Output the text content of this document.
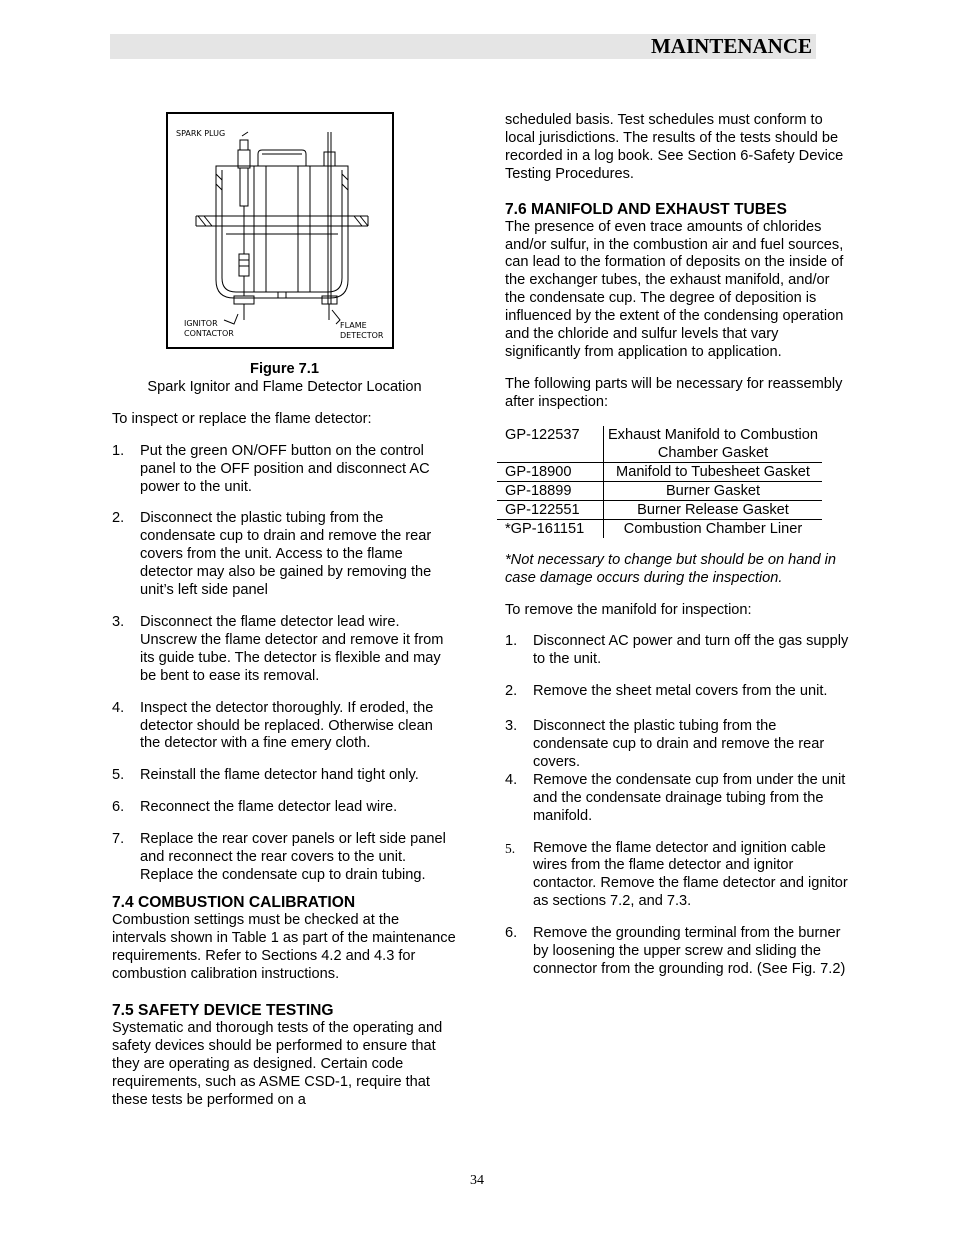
MAINTENANCE
SPARK PLUG
IGNITOR
CONTACTOR
FLAME
DETECTOR
Figure 7.1
Spark Ignitor and Flame Detector Location

To inspect or replace the flame detector:

1. Put the green ON/OFF button on the control panel to the OFF position and disconnect AC power to the unit.
2. Disconnect the plastic tubing from the condensate cup to drain and remove the rear covers from the unit. Access to the flame detector may also be gained by removing the unit’s left side panel
3. Disconnect the flame detector lead wire. Unscrew the flame detector and remove it from its guide tube. The detector is flexible and may be bent to ease its removal.
4. Inspect the detector thoroughly. If eroded, the detector should be replaced. Otherwise clean the detector with a fine emery cloth.
5. Reinstall the flame detector hand tight only.
6. Reconnect the flame detector lead wire.
7. Replace the rear cover panels or left side panel and reconnect the rear covers to the unit. Replace the condensate cup to drain tubing.
7.4 COMBUSTION CALIBRATION

Combustion settings must be checked at the intervals shown in Table 1 as part of the maintenance requirements. Refer to Sections 4.2 and 4.3 for combustion calibration instructions.

7.5 SAFETY DEVICE TESTING

Systematic and thorough tests of the operating and safety devices should be performed to ensure that they are operating as designed. Certain code requirements, such as ASME CSD-1, require that these tests be performed on a

scheduled basis. Test schedules must conform to local jurisdictions. The results of the tests should be recorded in a log book. See Section 6-Safety Device Testing Procedures.

7.6 MANIFOLD AND EXHAUST TUBES

The presence of even trace amounts of chlorides and/or sulfur, in the combustion air and fuel sources, can lead to the formation of deposits on the inside of the exchanger tubes, the exhaust manifold, and/or the condensate cup. The degree of deposition is influenced by the extent of the condensing operation and the chloride and sulfur levels that vary significantly from application to application.

The following parts will be necessary for reassembly after inspection:

GP-122537	Exhaust Manifold to Combustion Chamber Gasket
GP-18900	Manifold to Tubesheet Gasket
GP-18899	Burner Gasket
GP-122551	Burner Release Gasket
*GP-161151	Combustion Chamber Liner

*Not necessary to change but should be on hand in case damage occurs during the inspection.

To remove the manifold for inspection:

1. Disconnect AC power and turn off the gas supply to the unit.
2. Remove the sheet metal covers from the unit.
3. Disconnect the plastic tubing from the condensate cup to drain and remove the rear covers.
4. Remove the condensate cup from under the unit and the condensate drainage tubing from the manifold.
5. Remove the flame detector and ignition cable wires from the flame detector and ignitor contactor. Remove the flame detector and ignitor as sections 7.2, and 7.3.
6. Remove the grounding terminal from the burner by loosening the upper screw and sliding the connector from the grounding rod. (See Fig. 7.2)
34
